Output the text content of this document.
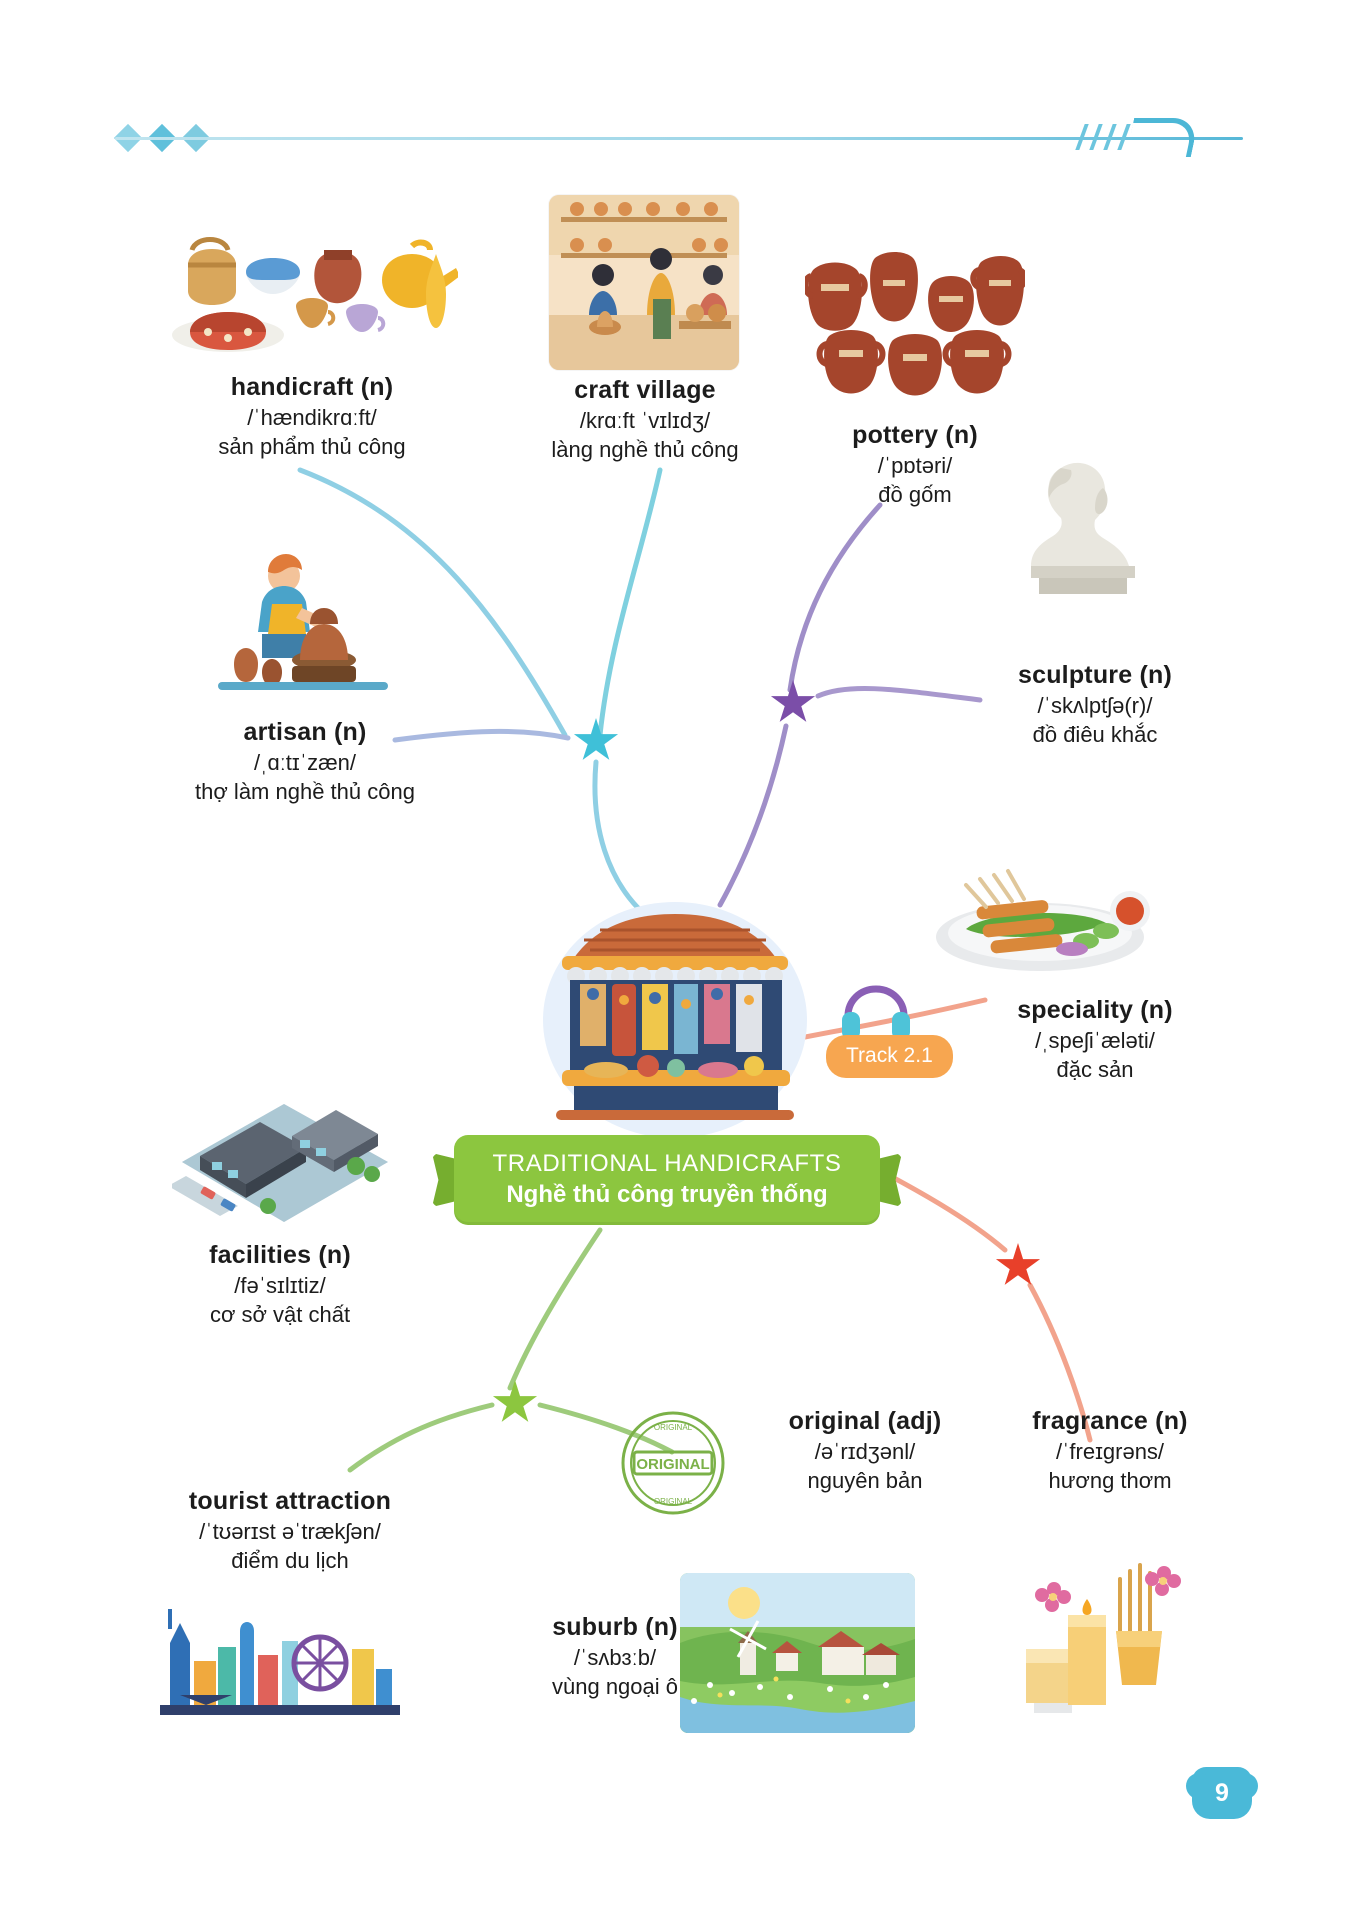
ORIGINAL
ORIGINAL
ORIGINAL
Track 2.1
TRADITIONAL HANDICRAFTS
Nghề thủ công truyền thống
handicraft (n)
/ˈhændikrɑːft/
sản phẩm thủ công
craft village
/krɑːft ˈvɪlɪdʒ/
làng nghề thủ công
pottery (n)
/ˈpɒtəri/
đồ gốm
sculpture (n)
/ˈskʌlptʃə(r)/
đồ điêu khắc
artisan (n)
/ˌɑːtɪˈzæn/
thợ làm nghề thủ công
speciality (n)
/ˌspeʃiˈæləti/
đặc sản
facilities (n)
/fəˈsɪlɪtiz/
cơ sở vật chất
tourist attraction
/ˈtʊərɪst əˈtrækʃən/
điểm du lịch
original (adj)
/əˈrɪdʒənl/
nguyên bản
suburb (n)
/ˈsʌbɜːb/
vùng ngoại ô
fragrance (n)
/ˈfreɪɡrəns/
hương thơm
9
